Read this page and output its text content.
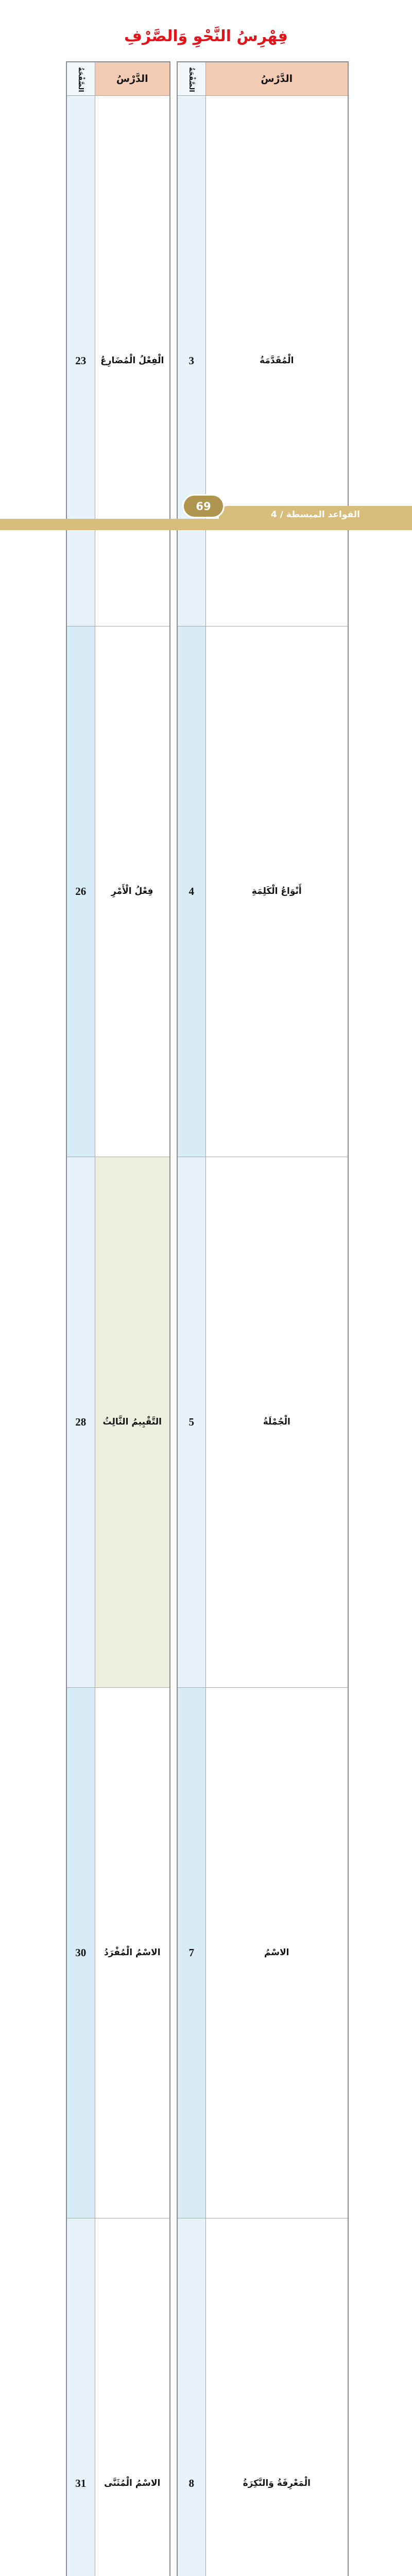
فِهْرِسُ النَّحْوِ وَالصَّرْفِ
الصَّفْحَةُ	الدَّرْسُ
3	الْمُقَدَّمَةُ
4	أَنْوَاعُ الْكَلِمَةِ
5	الْجُمْلَةُ
7	الاسْمُ
8	الْمَعْرِفَةُ وَالنَّكِرَةُ

الصَّفْحَةُ	الدَّرْسُ
23	الْفِعْلُ الْمُضَارِعُ
26	فِعْلُ الْأَمْرِ
28	التَّقْيِيمُ الثَّالِثُ
30	الاسْمُ الْمُفْرَدُ
31	الاسْمُ الْمُثَنَّى

القواعد المبسطة / 4
69
